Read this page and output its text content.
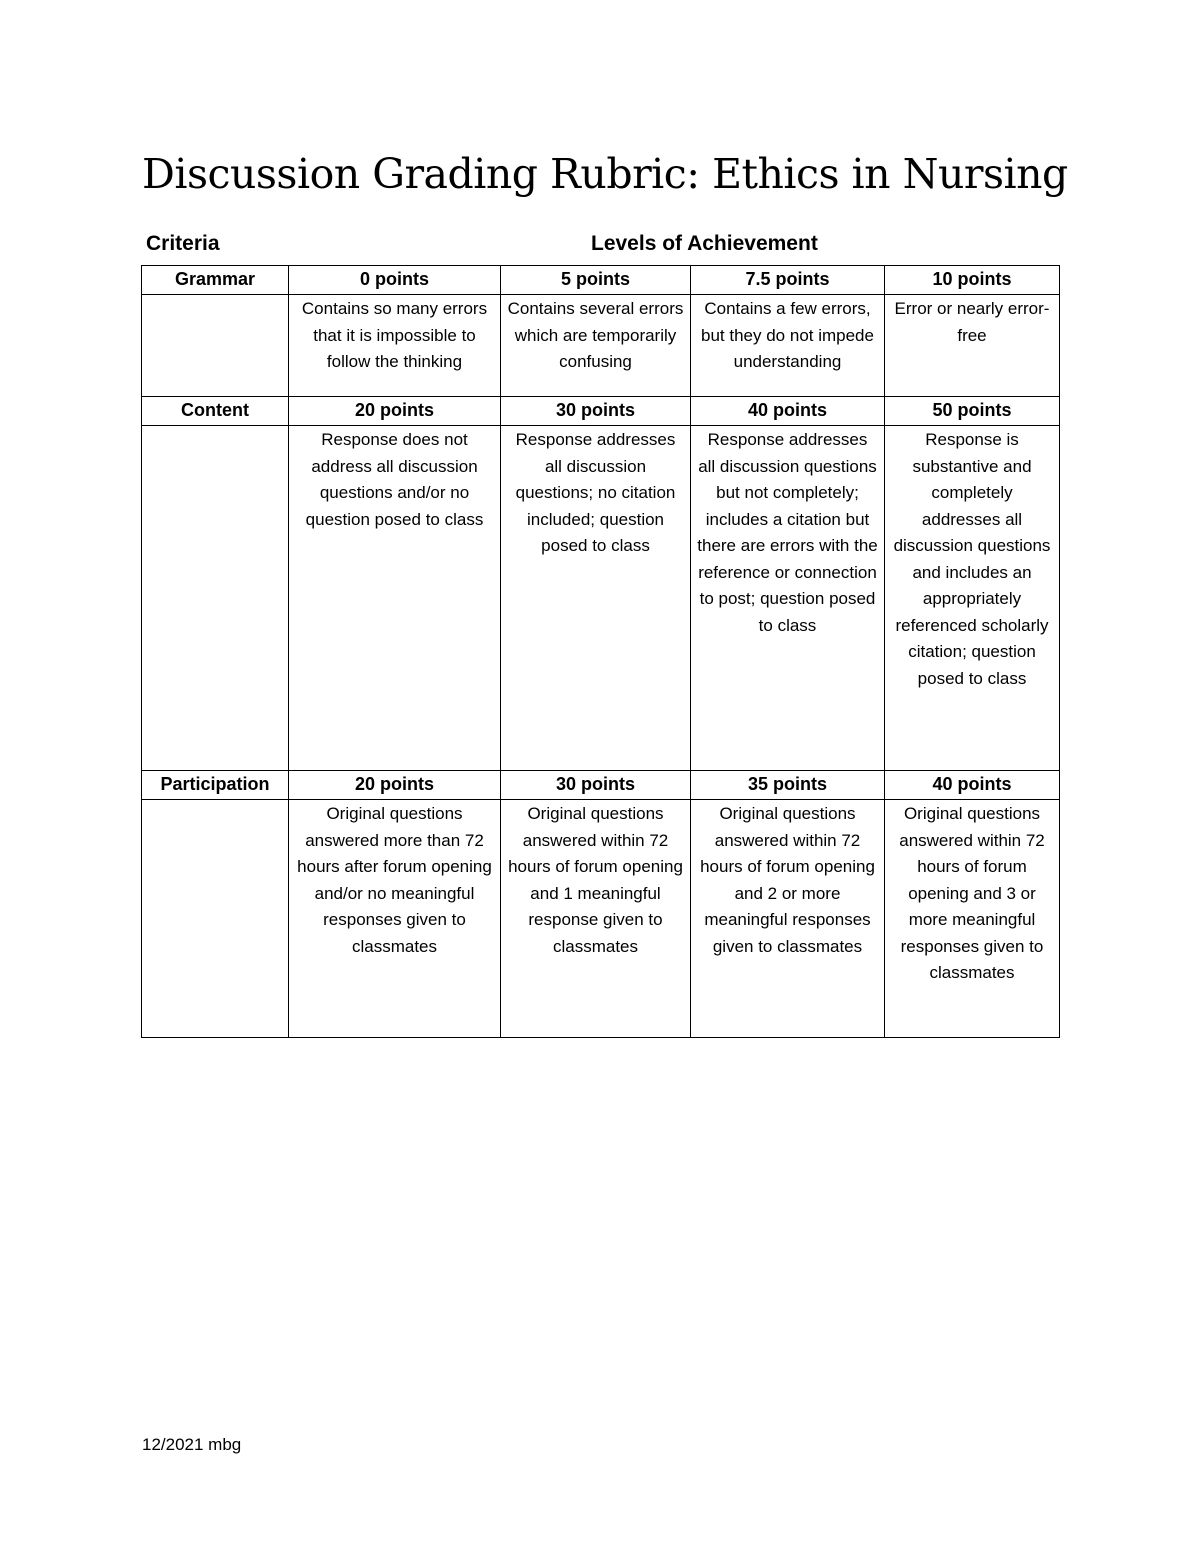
Discussion Grading Rubric: Ethics in Nursing
Criteria	Levels of Achievement
Grammar	0 points	5 points	7.5 points	10 points
	Contains so many errors that it is impossible to follow the thinking	Contains several errors which are temporarily confusing	Contains a few errors, but they do not impede understanding	Error or nearly error-free
Content	20 points	30 points	40 points	50 points
	Response does not address all discussion questions and/or no question posed to class	Response addresses all discussion questions; no citation included; question posed to class	Response addresses all discussion questions but not completely; includes a citation but there are errors with the reference or connection to post; question posed to class	Response is substantive and completely addresses all discussion questions and includes an appropriately referenced scholarly citation; question posed to class
Participation	20 points	30 points	35 points	40 points
	Original questions answered more than 72 hours after forum opening and/or no meaningful responses given to classmates	Original questions answered within 72 hours of forum opening and 1 meaningful response given to classmates	Original questions answered within 72 hours of forum opening and 2 or more meaningful responses given to classmates	Original questions answered within 72 hours of forum opening and 3 or more meaningful responses given to classmates
12/2021 mbg
